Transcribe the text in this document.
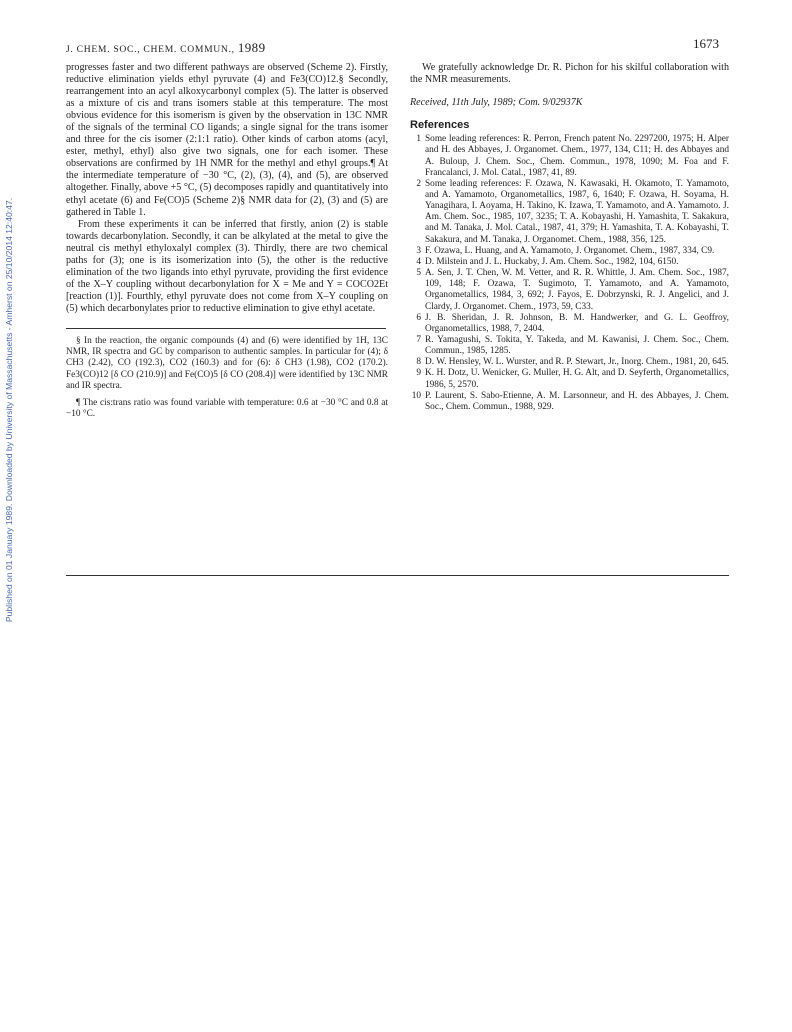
Published on 01 January 1989. Downloaded by University of Massachusetts - Amherst on 25/10/2014 12:40:47.
J. CHEM. SOC., CHEM. COMMUN., 1989	1673

progresses faster and two different pathways are observed (Scheme 2). Firstly, reductive elimination yields ethyl pyruvate (4) and Fe3(CO)12.§ Secondly, rearrangement into an acyl alkoxycarbonyl complex (5). The latter is observed as a mixture of cis and trans isomers stable at this temperature. The most obvious evidence for this isomerism is given by the observation in 13C NMR of the signals of the terminal CO ligands; a single signal for the trans isomer and three for the cis isomer (2:1:1 ratio). Other kinds of carbon atoms (acyl, ester, methyl, ethyl) also give two signals, one for each isomer. These observations are confirmed by 1H NMR for the methyl and ethyl groups.¶ At the intermediate temperature of −30 °C, (2), (3), (4), and (5), are observed altogether. Finally, above +5 °C, (5) decomposes rapidly and quantitatively into ethyl acetate (6) and Fe(CO)5 (Scheme 2)§ NMR data for (2), (3) and (5) are gathered in Table 1.

From these experiments it can be inferred that firstly, anion (2) is stable towards decarbonylation. Secondly, it can be alkylated at the metal to give the neutral cis methyl ethyloxalyl complex (3). Thirdly, there are two chemical paths for (3); one is its isomerization into (5), the other is the reductive elimination of the two ligands into ethyl pyruvate, providing the first evidence of the X–Y coupling without decarbonylation for X = Me and Y = COCO2Et [reaction (1)]. Fourthly, ethyl pyruvate does not come from X–Y coupling on (5) which decarbonylates prior to reductive elimination to give ethyl acetate.

§ In the reaction, the organic compounds (4) and (6) were identified by 1H, 13C NMR, IR spectra and GC by comparison to authentic samples. In particular for (4); δ CH3 (2.42), CO (192.3), CO2 (160.3) and for (6): δ CH3 (1.98), CO2 (170.2). Fe3(CO)12 [δ CO (210.9)] and Fe(CO)5 [δ CO (208.4)] were identified by 13C NMR and IR spectra.

¶ The cis:trans ratio was found variable with temperature: 0.6 at −30 °C and 0.8 at −10 °C.

We gratefully acknowledge Dr. R. Pichon for his skilful collaboration with the NMR measurements.

Received, 11th July, 1989; Com. 9/02937K

References
1 Some leading references: R. Perron, French patent No. 2297200, 1975; H. Alper and H. des Abbayes, J. Organomet. Chem., 1977, 134, C11; H. des Abbayes and A. Buloup, J. Chem. Soc., Chem. Commun., 1978, 1090; M. Foa and F. Francalanci, J. Mol. Catal., 1987, 41, 89.
2 Some leading references: F. Ozawa, N. Kawasaki, H. Okamoto, T. Yamamoto, and A. Yamamoto, Organometallics, 1987, 6, 1640; F. Ozawa, H. Soyama, H. Yanagihara, I. Aoyama, H. Takino, K. Izawa, T. Yamamoto, and A. Yamamoto. J. Am. Chem. Soc., 1985, 107, 3235; T. A. Kobayashi, H. Yamashita, T. Sakakura, and M. Tanaka, J. Mol. Catal., 1987, 41, 379; H. Yamashita, T. A. Kobayashi, T. Sakakura, and M. Tanaka, J. Organomet. Chem., 1988, 356, 125.
3 F. Ozawa, L. Huang, and A. Yamamoto, J. Organomet. Chem., 1987, 334, C9.
4 D. Milstein and J. L. Huckaby, J. Am. Chem. Soc., 1982, 104, 6150.
5 A. Sen, J. T. Chen, W. M. Vetter, and R. R. Whittle, J. Am. Chem. Soc., 1987, 109, 148; F. Ozawa, T. Sugimoto, T. Yamamoto, and A. Yamamoto, Organometallics, 1984, 3, 692; J. Fayos, E. Dobrzynski, R. J. Angelici, and J. Clardy, J. Organomet. Chem., 1973, 59, C33.
6 J. B. Sheridan, J. R. Johnson, B. M. Handwerker, and G. L. Geoffroy, Organometallics, 1988, 7, 2404.
7 R. Yamagushi, S. Tokita, Y. Takeda, and M. Kawanisi, J. Chem. Soc., Chem. Commun., 1985, 1285.
8 D. W. Hensley, W. L. Wurster, and R. P. Stewart, Jr., Inorg. Chem., 1981, 20, 645.
9 K. H. Dotz, U. Wenicker, G. Muller, H. G. Alt, and D. Seyferth, Organometallics, 1986, 5, 2570.
10 P. Laurent, S. Sabo-Etienne, A. M. Larsonneur, and H. des Abbayes, J. Chem. Soc., Chem. Commun., 1988, 929.
